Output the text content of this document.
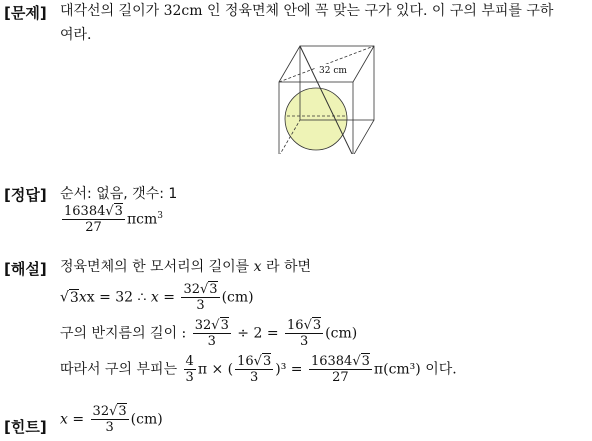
[문제] 대각선의 길이가 32cm 인 정육면체 안에 꼭 맞는 구가 있다. 이 구의 부피를 구하
여라.
32 cm
[정답] 순서: 없음, 갯수: 1
$\frac{16384√3}{27} \pi cm^3$
[해설] 정육면체의 한 모서리의 길이를 x 라 하면
√3xx = 32 ∴ $x = \frac{32√3}{3} (cm)$
구의 반지름의 길이 : $\frac{32√3}{3} \div 2 = \frac{16√3}{3} (cm)$
따라서 구의 부피는 $\frac{4}{3}$ π × ( $\frac{16√3}{3} )^3 = \frac{16384√3}{27} \pi(cm^3)$ 이다.
[힌트] $x = \frac{32√3}{3} (cm)$
